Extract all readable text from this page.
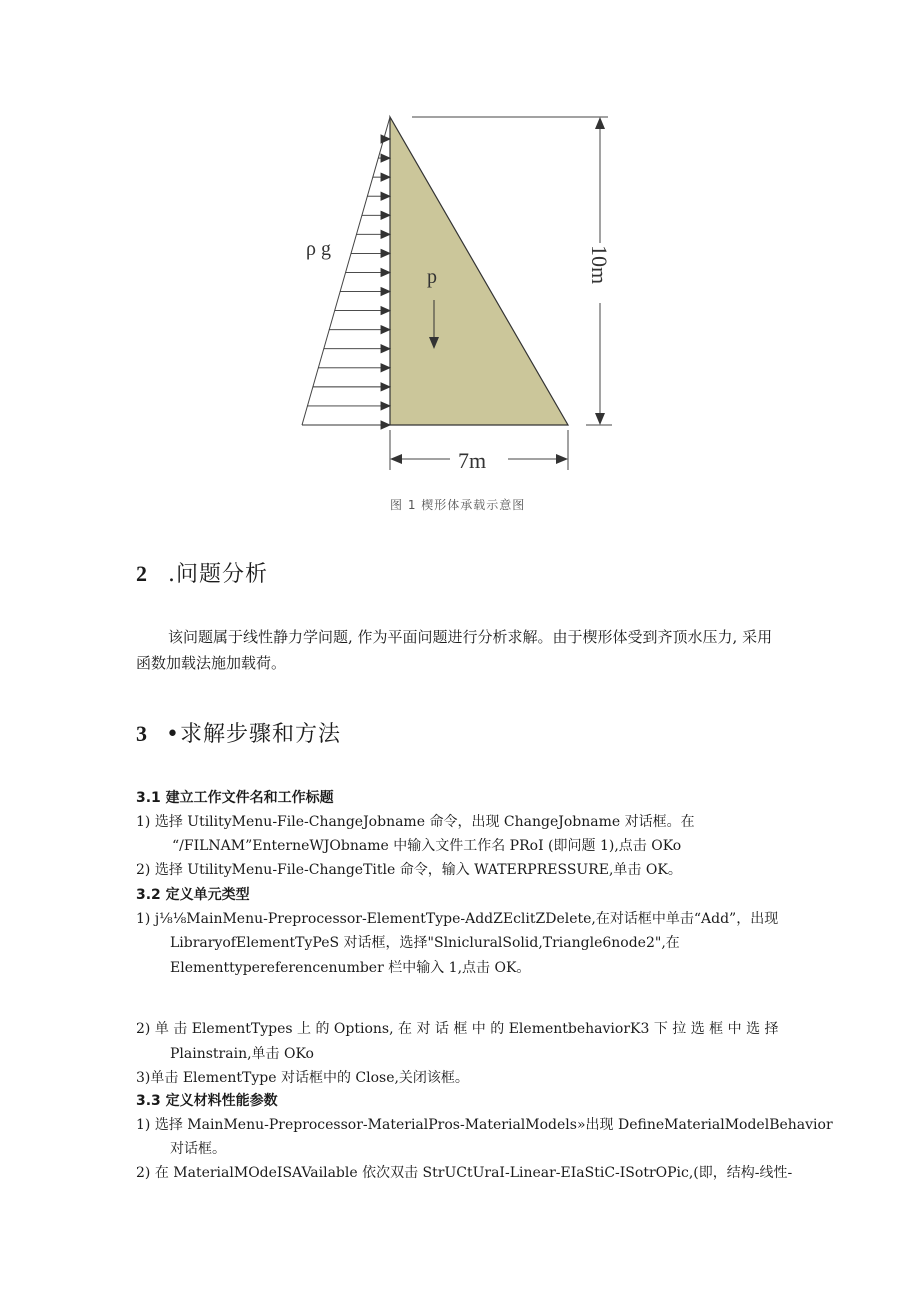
ρ g
p	10m
7m
图 1 楔形体承载示意图
2 .问题分析
该问题属于线性静力学问题, 作为平面问题进行分析求解。由于楔形体受到齐顶水压力, 采用
函数加载法施加载荷。
3 •求解步骤和方法
3.1 建立工作文件名和工作标题
1) 选择 UtilityMenu-File-ChangeJobname 命令，出现 ChangeJobname 对话框。在
“/FILNAM”EnterneWJObname 中输入文件工作名 PRoI (即问题 1),点击 OKo
2) 选择 UtilityMenu-File-ChangeTitle 命令，输入 WATERPRESSURE,单击 OK。
3.2 定义单元类型
1) j⅛⅛MainMenu-Preprocessor-ElementType-AddZEclitZDelete,在对话框中单击“Add”，出现
LibraryofElementTyPeS 对话框，选择"SlnicluralSolid,Triangle6node2",在
Elementtypereferencenumber 栏中输入 1,点击 OK。
2) 单 击 ElementTypes 上 的 Options, 在 对 话 框 中 的 ElementbehaviorK3 下 拉 选 框 中 选 择
Plainstrain,单击 OKo
3)单击 ElementType 对话框中的 Close,关闭该框。
3.3 定义材料性能参数
1) 选择 MainMenu-Preprocessor-MaterialPros-MaterialModels»出现 DefineMaterialModelBehavior
对话框。
2) 在 MaterialMOdeISAVailable 依次双击 StrUCtUraI-Linear-EIaStiC-ISotrOPic,(即，结构-线性-
